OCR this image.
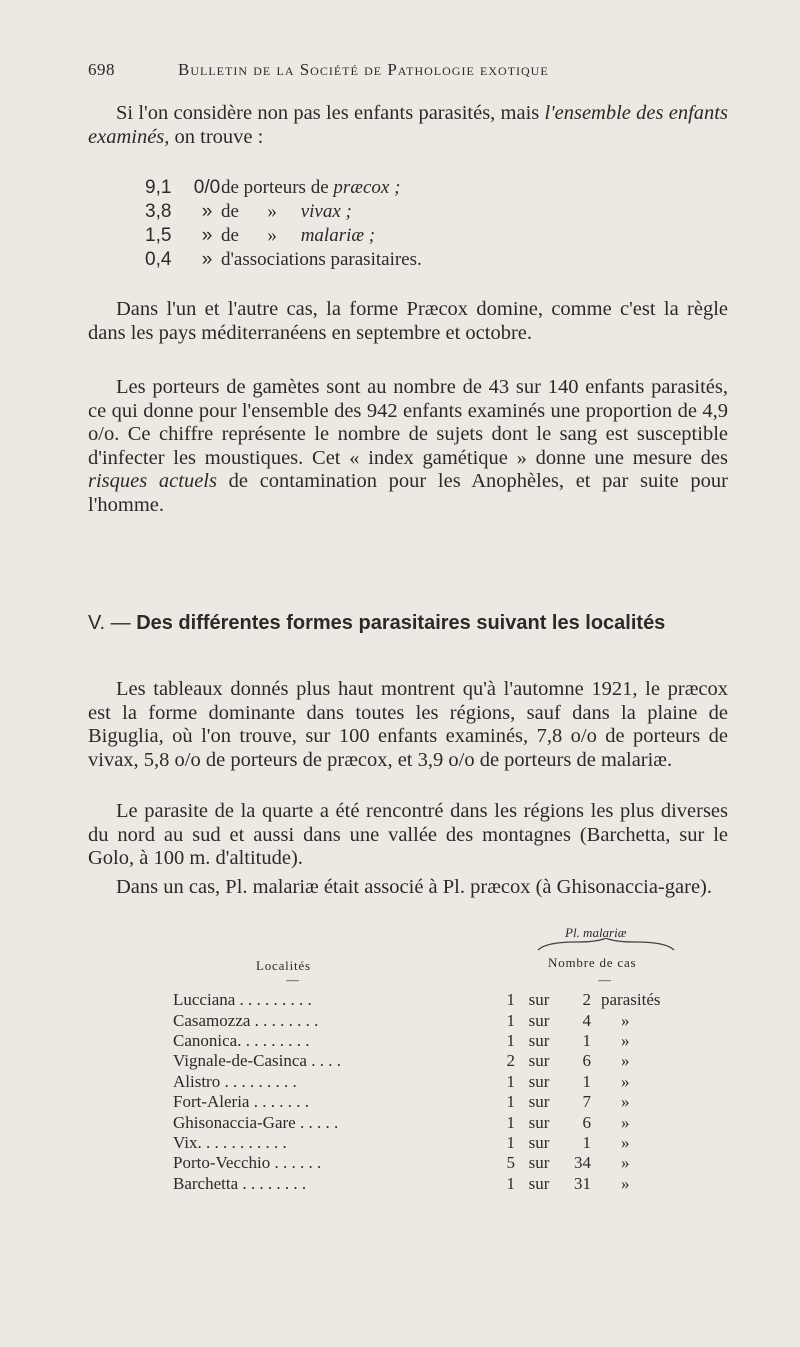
698	Bulletin de la Société de Pathologie exotique

Si l'on considère non pas les enfants parasités, mais l'ensemble des enfants examinés, on trouve :

9,1	0/0 de porteurs de præcox ;
3,8	» de      » vivax ;
1,5	» de      » malariæ ;
0,4	» d'associations parasitaires.

Dans l'un et l'autre cas, la forme Præcox domine, comme c'est la règle dans les pays méditerranéens en septembre et octobre.

Les porteurs de gamètes sont au nombre de 43 sur 140 enfants parasités, ce qui donne pour l'ensemble des 942 enfants examinés une proportion de 4,9 o/o. Ce chiffre représente le nombre de sujets dont le sang est susceptible d'infecter les moustiques. Cet « index gamétique » donne une mesure des risques actuels de contamination pour les Anophèles, et par suite pour l'homme.

V. — Des différentes formes parasitaires suivant les localités

Les tableaux donnés plus haut montrent qu'à l'automne 1921, le præcox est la forme dominante dans toutes les régions, sauf dans la plaine de Biguglia, où l'on trouve, sur 100 enfants examinés, 7,8 o/o de porteurs de vivax, 5,8 o/o de porteurs de præcox, et 3,9 o/o de porteurs de malariæ.

Le parasite de la quarte a été rencontré dans les régions les plus diverses du nord au sud et aussi dans une vallée des montagnes (Barchetta, sur le Golo, à 100 m. d'altitude).

Dans un cas, Pl. malariæ était associé à Pl. præcox (à Ghisonaccia-gare).

Pl. malariæ
Localités	Nombre de cas
—	—
Lucciana . . . . . . . . .	1 sur	2 parasités
Casamozza . . . . . . . .	1 sur	4	»
Canonica. . . . . . . . .	1 sur	1	»
Vignale-de-Casinca . . . .	2 sur	6	»
Alistro . . . . . . . . .	1 sur	1	»
Fort-Aleria . . . . . . .	1 sur	7	»
Ghisonaccia-Gare . . . . .	1 sur	6	»
Vix. . . . . . . . . . .	1 sur	1	»
Porto-Vecchio . . . . . .	5 sur	34	»
Barchetta . . . . . . . .	1 sur	31	»
